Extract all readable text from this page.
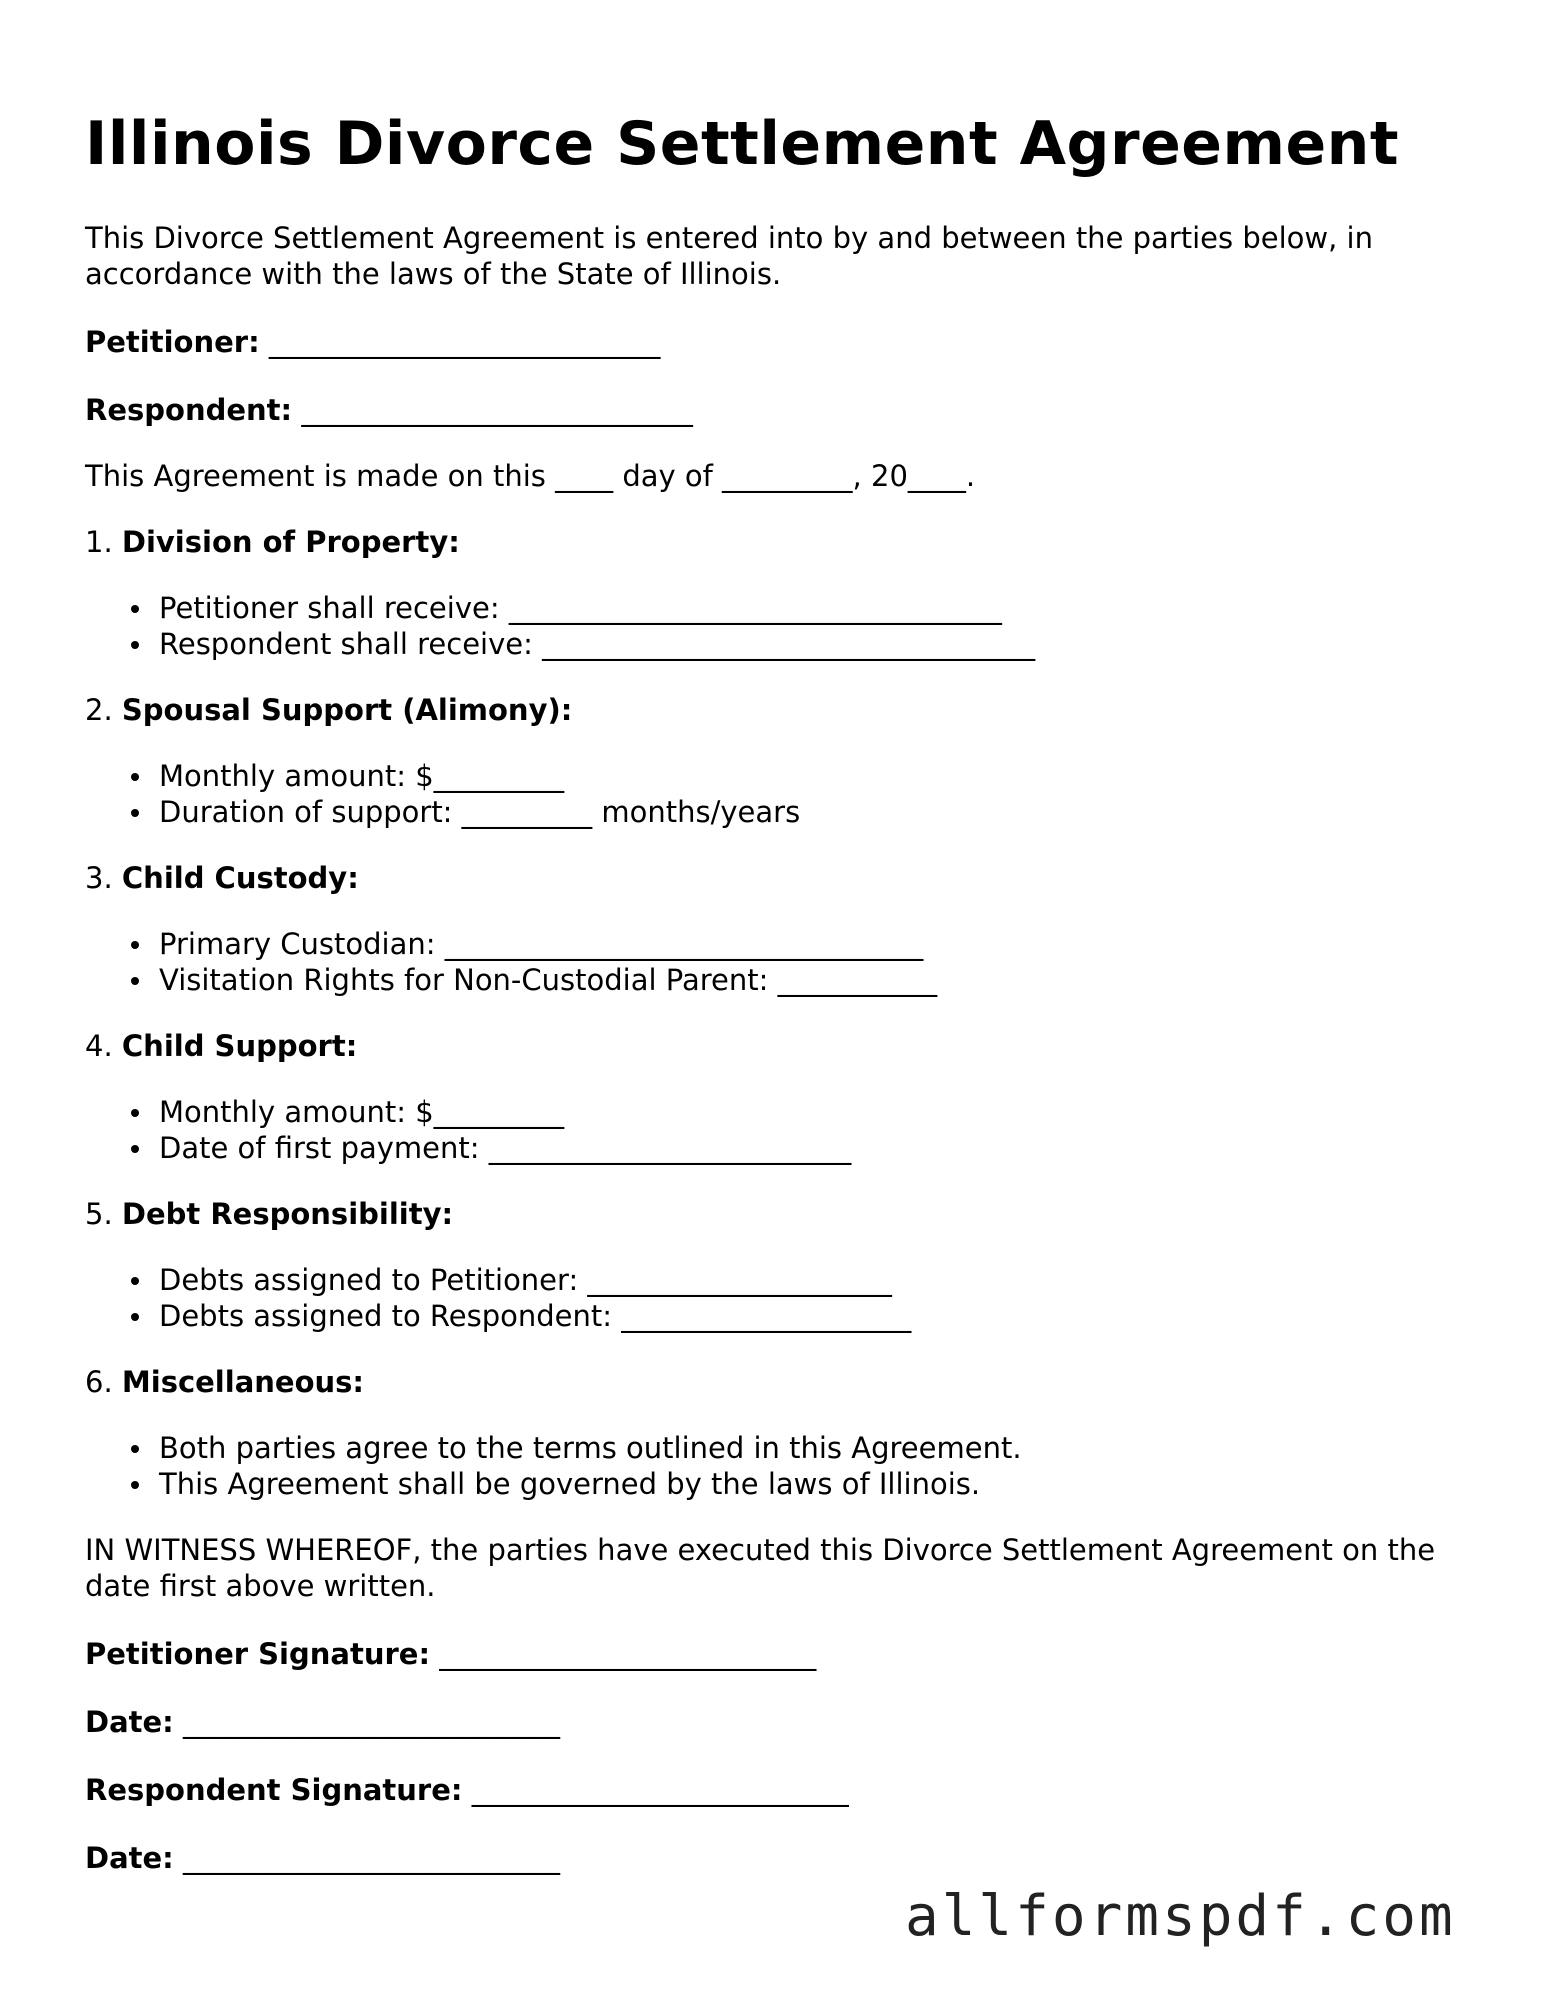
Illinois Divorce Settlement Agreement

This Divorce Settlement Agreement is entered into by and between the parties below, in accordance with the laws of the State of Illinois.

Petitioner: ___________________________
Respondent: ___________________________
This Agreement is made on this ____ day of _________, 20____.
1. Division of Property:
Petitioner shall receive: __________________________________
Respondent shall receive: __________________________________
2. Spousal Support (Alimony):
Monthly amount: $_________
Duration of support: _________ months/years
3. Child Custody:
Primary Custodian: _________________________________
Visitation Rights for Non-Custodial Parent: ___________
4. Child Support:
Monthly amount: $_________
Date of first payment: _________________________
5. Debt Responsibility:
Debts assigned to Petitioner: _____________________
Debts assigned to Respondent: ____________________
6. Miscellaneous:
Both parties agree to the terms outlined in this Agreement.
This Agreement shall be governed by the laws of Illinois.

IN WITNESS WHEREOF, the parties have executed this Divorce Settlement Agreement on the date first above written.

Petitioner Signature: __________________________
Date: __________________________
Respondent Signature: __________________________
Date: __________________________
allformspdf.com
